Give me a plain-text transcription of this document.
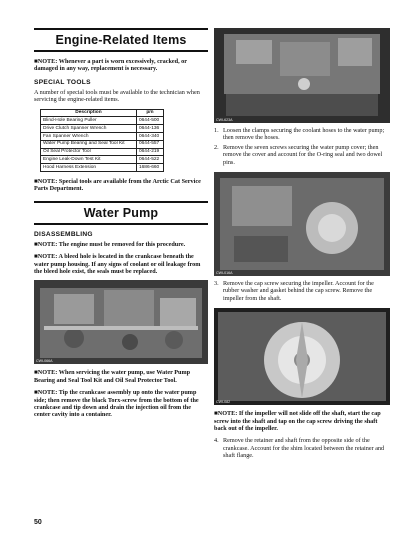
Engine-Related Items

■NOTE: Whenever a part is worn excessively, cracked, or damaged in any way, replacement is necessary.

SPECIAL TOOLS

A number of special tools must be available to the technician when servicing the engine-related items.

Description	p/n
Blind-Hole Bearing Puller	0644-500
Drive Clutch Spanner Wrench	0644-136
Fan Spanner Wrench	0644-340
Water Pump Bearing and Seal Tool Kit	0644-557
Oil Seal Protector Tool	0644-219
Engine Leak-Down Test Kit	0644-522
Hood Harness Extension	1686-660

■NOTE: Special tools are available from the Arctic Cat Service Parts Department.

Water Pump
DISASSEMBLING

■NOTE: The engine must be removed for this procedure.

■NOTE: A bleed hole is located in the crankcase beneath the water pump housing. If any signs of coolant or oil leakage from the bleed hole exist, the seals must be replaced.

CWI-066A

■NOTE: When servicing the water pump, use Water Pump Bearing and Seal Tool Kit and Oil Seal Protector Tool.

■NOTE: Tip the crankcase assembly up onto the water pump side; then remove the black Torx-screw from the bottom of the crankcase and tip down and drain the injection oil from the center cavity into a container.

CWI-623A
1. Loosen the clamps securing the coolant hoses to the water pump; then remove the hoses.
2. Remove the seven screws securing the water pump cover; then remove the cover and account for the O-ring seal and two dowel pins.
CWI-016A
3. Remove the cap screw securing the impeller. Account for the rubber washer and gasket behind the cap screw. Remove the impeller from the shaft.
CWI-082

■NOTE: If the impeller will not slide off the shaft, start the cap screw into the shaft and tap on the cap screw driving the shaft back out of the impeller.

4. Remove the retainer and shaft from the opposite side of the crankcase. Account for the shim located between the retainer and shaft flange.
50
